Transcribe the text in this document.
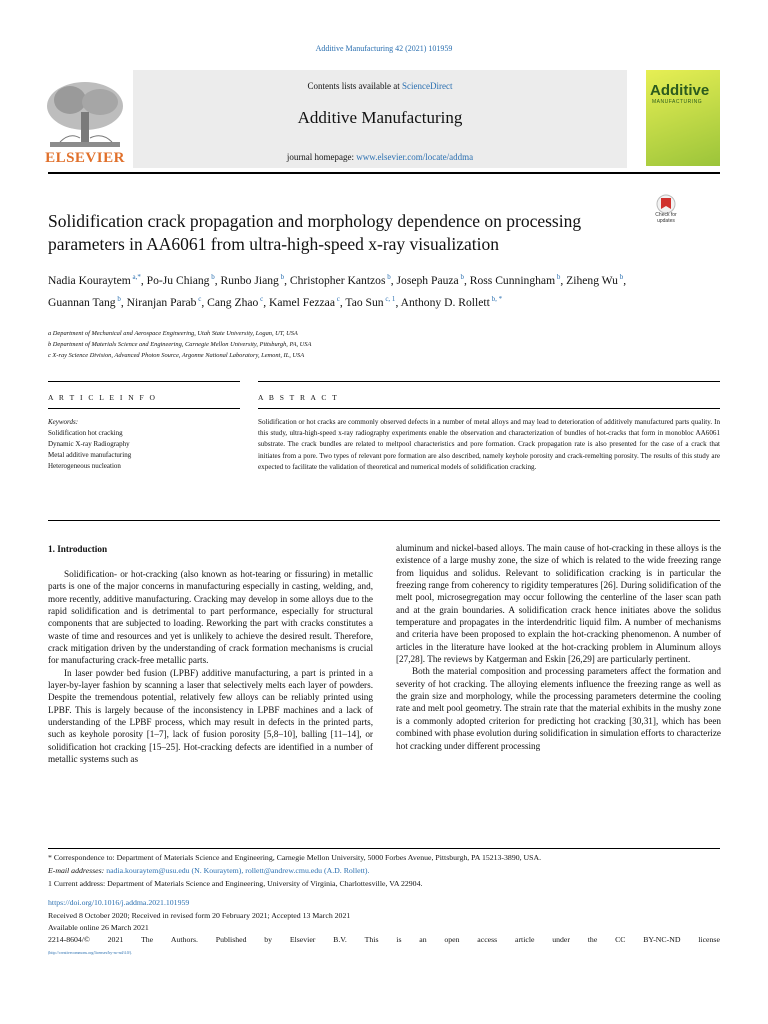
Additive Manufacturing 42 (2021) 101959
ELSEVIER
Contents lists available at ScienceDirect
Additive Manufacturing
journal homepage: www.elsevier.com/locate/addma
Additive
MANUFACTURING
Check for updates
Solidification crack propagation and morphology dependence on processing parameters in AA6061 from ultra-high-speed x-ray visualization
Nadia Kouraytem $^{a,*}$, Po-Ju Chiang $^b$, Runbo Jiang $^b$, Christopher Kantzos $^b$, Joseph Pauza $^b$, Ross Cunningham $^b$, Ziheng Wu $^b$, Guannan Tang $^b$, Niranjan Parab $^c$, Cang Zhao $^c$, Kamel Fezzaa $^c$, Tao Sun $^{c, 1}$, Anthony D. Rollett $^{b, *}$
a Department of Mechanical and Aerospace Engineering, Utah State University, Logan, UT, USA
b Department of Materials Science and Engineering, Carnegie Mellon University, Pittsburgh, PA, USA
c X-ray Science Division, Advanced Photon Source, Argonne National Laboratory, Lemont, IL, USA
A R T I C L E I N F O	A B S T R A C T
Keywords:
Solidification hot cracking
Dynamic X-ray Radiography
Metal additive manufacturing
Heterogeneous nucleation
Solidification or hot cracks are commonly observed defects in a number of metal alloys and may lead to deterioration of additively manufactured parts quality. In this study, ultra-high-speed x-ray radiography experiments enable the observation and characterization of bundles of hot-cracks that form in monobloc AA6061 substrate. The crack bundles are related to meltpool characteristics and pore formation. Crack propagation rate is also presented for the case of a crack that initiates from a pore. Two types of relevant pore formation are also described, namely keyhole porosity and crack-remelting porosity. The results of this study are expected to facilitate the validation of theoretical and numerical models of solidification cracking.
1. Introduction

Solidification- or hot-cracking (also known as hot-tearing or fissuring) in metallic parts is one of the major concerns in manufacturing especially in casting, welding, and, more recently, additive manufacturing. Cracking may develop in some alloys due to the rapid solidification and is detrimental to part performance, especially for structural components that are subjected to loading. Reworking the part with cracks constitutes a waste of time and resources and yet is unlikely to achieve the desired result. Therefore, crack mitigation driven by the understanding of crack formation mechanisms is crucial for manufacturing crack-free metallic parts.

In laser powder bed fusion (LPBF) additive manufacturing, a part is printed in a layer-by-layer fashion by scanning a laser that selectively melts each layer of powders. Despite the tremendous potential, relatively few alloys can be reliably printed using LPBF. This is largely because of the inconsistency in LPBF machines and a lack of understanding of the LPBF process, which may result in defects in the printed parts, such as keyhole porosity [1–7], lack of fusion porosity [5,8–10], balling [11–14], or solidification hot cracking [15–25]. Hot-cracking defects are identified in a number of metallic systems such as

aluminum and nickel-based alloys. The main cause of hot-cracking in these alloys is the existence of a large mushy zone, the size of which is related to the wide freezing range from liquidus and solidus. Relevant to solidification cracking is in particular the freezing range from coherency to rigidity temperatures [26]. During solidification of the melt pool, microsegregation may occur following the centerline of the laser scan path and at the grain boundaries. A solidification crack hence initiates above the solidus temperature and propagates in the interdendritic liquid film. A number of mechanisms and criteria have been proposed to explain the hot-cracking phenomenon. A number of articles in the literature have looked at the hot-cracking problem in Aluminum alloys [27,28]. The reviews by Katgerman and Eskin [26,29] are particularly pertinent.

Both the material composition and processing parameters affect the formation and severity of hot cracking. The alloying elements influence the freezing range as well as the grain size and morphology, while the processing parameters determine the cooling rate and melt pool geometry. The strain rate that the material exhibits in the mushy zone is a commonly adopted criterion for predicting hot cracking [30,31], which has been combined with phase evolution during solidification in simulation efforts to characterize hot cracking under different processing

* Correspondence to: Department of Materials Science and Engineering, Carnegie Mellon University, 5000 Forbes Avenue, Pittsburgh, PA 15213-3890, USA.
E-mail addresses: nadia.kouraytem@usu.edu (N. Kouraytem), rollett@andrew.cmu.edu (A.D. Rollett).
1 Current address: Department of Materials Science and Engineering, University of Virginia, Charlottesville, VA 22904.
https://doi.org/10.1016/j.addma.2021.101959
Received 8 October 2020; Received in revised form 20 February 2021; Accepted 13 March 2021
Available online 26 March 2021
2214-8604/© 2021 The Authors. Published by Elsevier B.V. This is an open access article under the CC BY-NC-ND license
(http://creativecommons.org/licenses/by-nc-nd/4.0/).
